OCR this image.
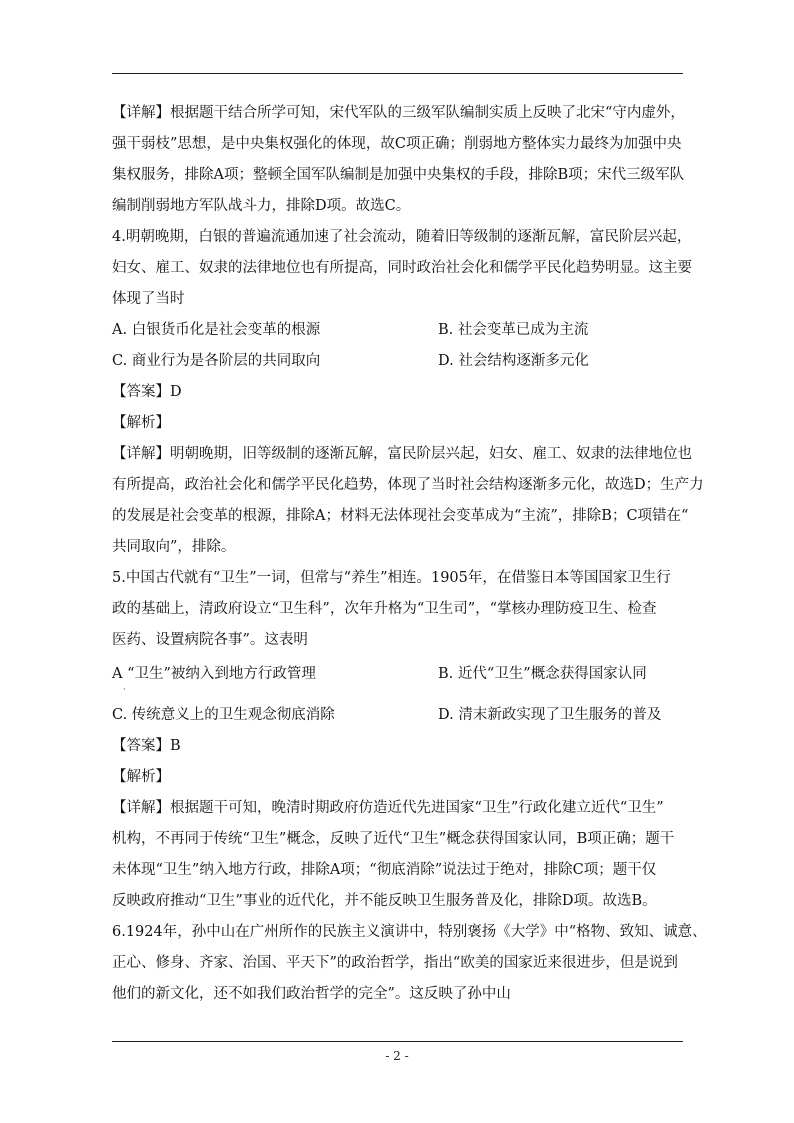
【详解】根据题干结合所学可知，宋代军队的三级军队编制实质上反映了北宋“守内虚外，
强干弱枝”思想，是中央集权强化的体现，故C项正确；削弱地方整体实力最终为加强中央
集权服务，排除A项；整顿全国军队编制是加强中央集权的手段，排除B项；宋代三级军队
编制削弱地方军队战斗力，排除D项。故选C。
4.明朝晚期，白银的普遍流通加速了社会流动，随着旧等级制的逐渐瓦解，富民阶层兴起，
妇女、雇工、奴隶的法律地位也有所提高，同时政治社会化和儒学平民化趋势明显。这主要
体现了当时
A. 白银货币化是社会变革的根源	B. 社会变革已成为主流
C. 商业行为是各阶层的共同取向	D. 社会结构逐渐多元化
【答案】D
【解析】
【详解】明朝晚期，旧等级制的逐渐瓦解，富民阶层兴起，妇女、雇工、奴隶的法律地位也
有所提高，政治社会化和儒学平民化趋势，体现了当时社会结构逐渐多元化，故选D；生产力
的发展是社会变革的根源，排除A；材料无法体现社会变革成为“主流”，排除B；C项错在“
共同取向”，排除。
5.中国古代就有“卫生”一词，但常与“养生”相连。1905年，在借鉴日本等国国家卫生行
政的基础上，清政府设立“卫生科”，次年升格为“卫生司”，“掌核办理防疫卫生、检查
医药、设置病院各事”。这表明
A “卫生”被纳入到地方行政管理	B. 近代“卫生”概念获得国家认同
C. 传统意义上的卫生观念彻底消除	D. 清末新政实现了卫生服务的普及
【答案】B
【解析】
【详解】根据题干可知，晚清时期政府仿造近代先进国家“卫生”行政化建立近代“卫生”
机构，不再同于传统“卫生”概念，反映了近代“卫生”概念获得国家认同，B项正确；题干
未体现“卫生”纳入地方行政，排除A项；“彻底消除”说法过于绝对，排除C项；题干仅
反映政府推动“卫生”事业的近代化，并不能反映卫生服务普及化，排除D项。故选B。
6.1924年，孙中山在广州所作的民族主义演讲中，特别褒扬《大学》中“格物、致知、诚意、
正心、修身、齐家、治国、平天下”的政治哲学，指出“欧美的国家近来很进步，但是说到
他们的新文化，还不如我们政治哲学的完全”。这反映了孙中山
·
- 2 -
